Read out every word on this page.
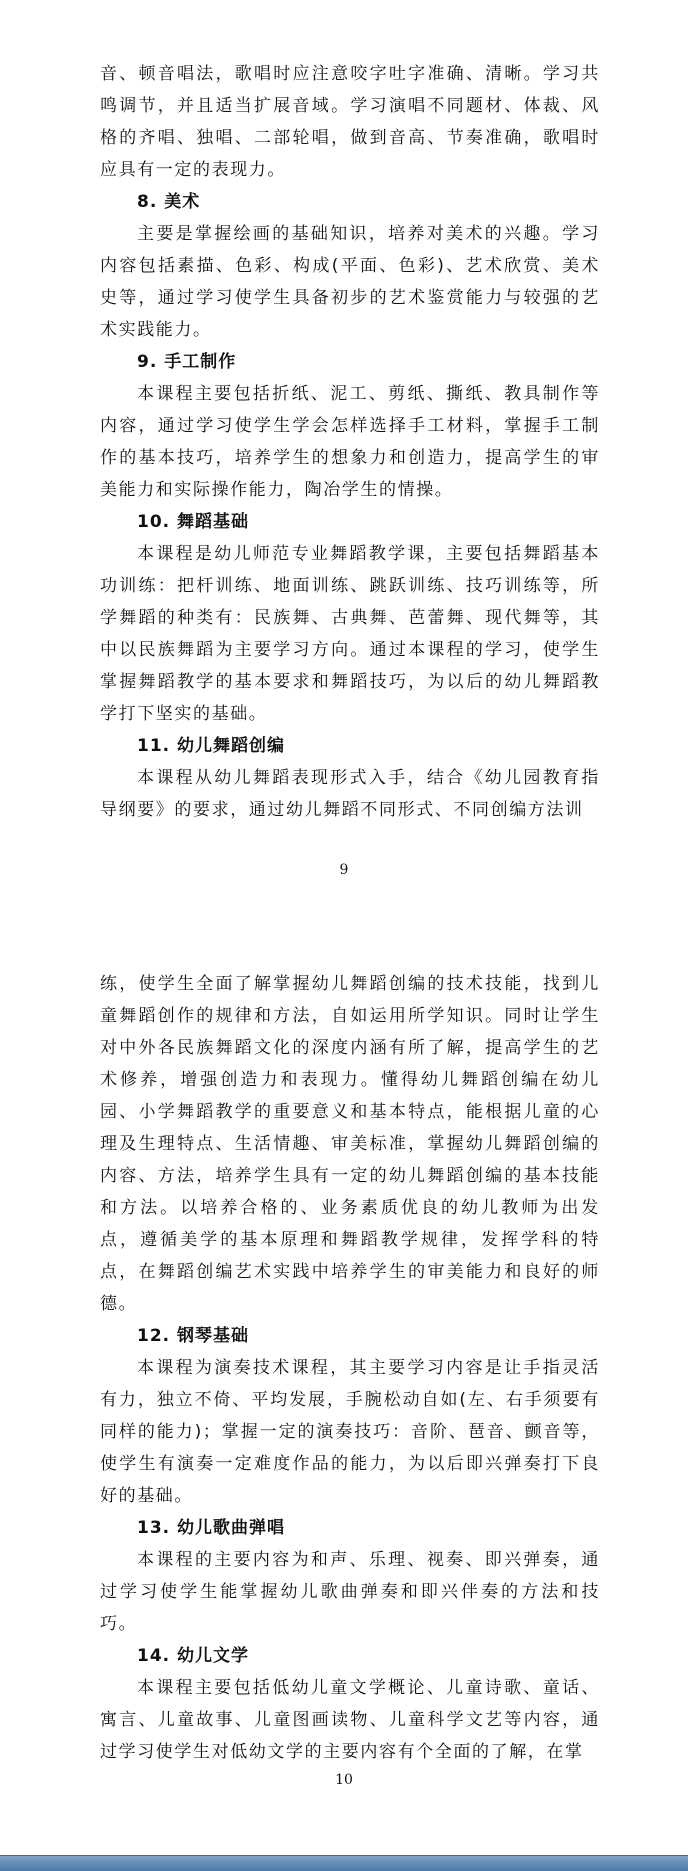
音、顿音唱法，歌唱时应注意咬字吐字准确、清晰。学习共鸣调节，并且适当扩展音域。学习演唱不同题材、体裁、风格的齐唱、独唱、二部轮唱，做到音高、节奏准确，歌唱时应具有一定的表现力。

8. 美术

主要是掌握绘画的基础知识，培养对美术的兴趣。学习内容包括素描、色彩、构成(平面、色彩)、艺术欣赏、美术史等，通过学习使学生具备初步的艺术鉴赏能力与较强的艺术实践能力。

9. 手工制作

本课程主要包括折纸、泥工、剪纸、撕纸、教具制作等内容，通过学习使学生学会怎样选择手工材料，掌握手工制作的基本技巧，培养学生的想象力和创造力，提高学生的审美能力和实际操作能力，陶冶学生的情操。

10. 舞蹈基础

本课程是幼儿师范专业舞蹈教学课，主要包括舞蹈基本功训练：把杆训练、地面训练、跳跃训练、技巧训练等，所学舞蹈的种类有：民族舞、古典舞、芭蕾舞、现代舞等，其中以民族舞蹈为主要学习方向。通过本课程的学习，使学生掌握舞蹈教学的基本要求和舞蹈技巧，为以后的幼儿舞蹈教学打下坚实的基础。

11. 幼儿舞蹈创编

本课程从幼儿舞蹈表现形式入手，结合《幼儿园教育指导纲要》的要求，通过幼儿舞蹈不同形式、不同创编方法训

9

练，使学生全面了解掌握幼儿舞蹈创编的技术技能，找到儿童舞蹈创作的规律和方法，自如运用所学知识。同时让学生对中外各民族舞蹈文化的深度内涵有所了解，提高学生的艺术修养，增强创造力和表现力。懂得幼儿舞蹈创编在幼儿园、小学舞蹈教学的重要意义和基本特点，能根据儿童的心理及生理特点、生活情趣、审美标准，掌握幼儿舞蹈创编的内容、方法，培养学生具有一定的幼儿舞蹈创编的基本技能和方法。以培养合格的、业务素质优良的幼儿教师为出发点，遵循美学的基本原理和舞蹈教学规律，发挥学科的特点，在舞蹈创编艺术实践中培养学生的审美能力和良好的师德。

12. 钢琴基础

本课程为演奏技术课程，其主要学习内容是让手指灵活有力，独立不倚、平均发展，手腕松动自如(左、右手须要有同样的能力)；掌握一定的演奏技巧：音阶、琶音、颤音等，使学生有演奏一定难度作品的能力，为以后即兴弹奏打下良好的基础。

13. 幼儿歌曲弹唱

本课程的主要内容为和声、乐理、视奏、即兴弹奏，通过学习使学生能掌握幼儿歌曲弹奏和即兴伴奏的方法和技巧。

14. 幼儿文学

本课程主要包括低幼儿童文学概论、儿童诗歌、童话、寓言、儿童故事、儿童图画读物、儿童科学文艺等内容，通过学习使学生对低幼文学的主要内容有个全面的了解，在掌

10
